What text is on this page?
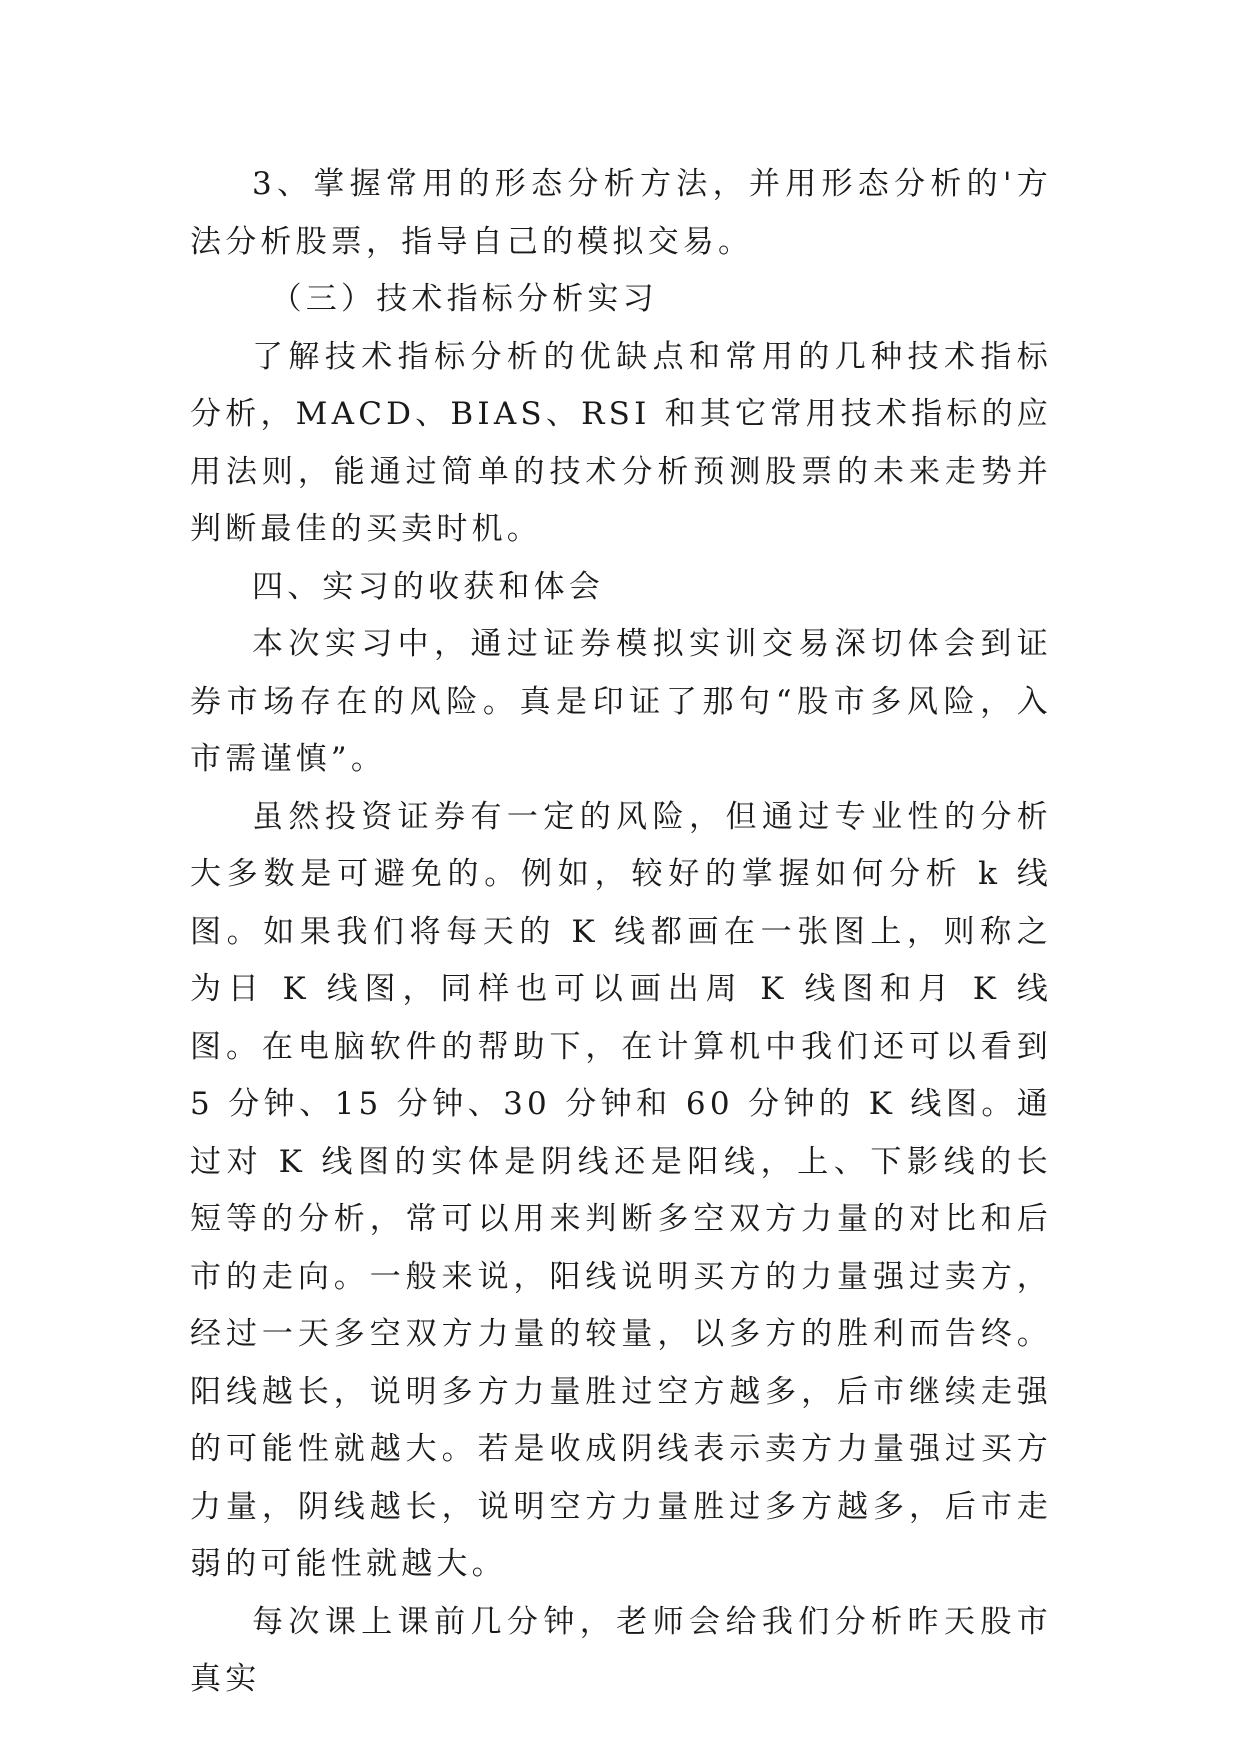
3、掌握常用的形态分析方法，并用形态分析的'方法分析股票，指导自己的模拟交易。

（三）技术指标分析实习

了解技术指标分析的优缺点和常用的几种技术指标分析，MACD、BIAS、RSI 和其它常用技术指标的应用法则，能通过简单的技术分析预测股票的未来走势并判断最佳的买卖时机。

四、实习的收获和体会

本次实习中，通过证券模拟实训交易深切体会到证券市场存在的风险。真是印证了那句“股市多风险，入市需谨慎”。

虽然投资证券有一定的风险，但通过专业性的分析大多数是可避免的。例如，较好的掌握如何分析 k 线图。如果我们将每天的 K 线都画在一张图上，则称之为日 K 线图，同样也可以画出周 K 线图和月 K 线图。在电脑软件的帮助下，在计算机中我们还可以看到 5 分钟、15 分钟、30 分钟和 60 分钟的 K 线图。通过对 K 线图的实体是阴线还是阳线，上、下影线的长短等的分析，常可以用来判断多空双方力量的对比和后市的走向。一般来说，阳线说明买方的力量强过卖方，经过一天多空双方力量的较量，以多方的胜利而告终。阳线越长，说明多方力量胜过空方越多，后市继续走强的可能性就越大。若是收成阴线表示卖方力量强过买方力量，阴线越长，说明空方力量胜过多方越多，后市走弱的可能性就越大。

每次课上课前几分钟，老师会给我们分析昨天股市真实
